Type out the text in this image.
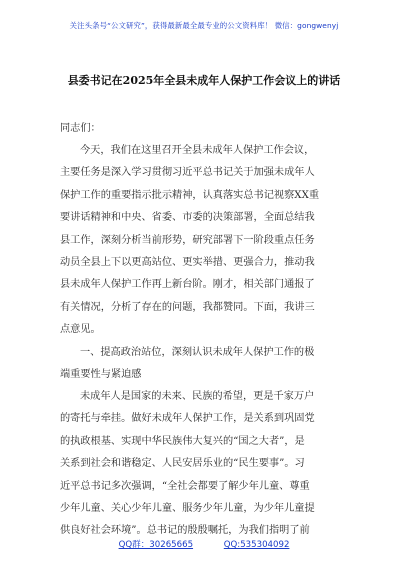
关注头条号“公文研究”，获得最新最全最专业的公文资料库！ 微信：gongwenyj
县委书记在2025年全县未成年人保护工作会议上的讲话
同志们：
今天，我们在这里召开全县未成年人保护工作会议，
主要任务是深入学习贯彻习近平总书记关于加强未成年人
保护工作的重要指示批示精神，认真落实总书记视察XX重
要讲话精神和中央、省委、市委的决策部署，全面总结我
县工作，深刻分析当前形势，研究部署下一阶段重点任务
动员全县上下以更高站位、更实举措、更强合力，推动我
县未成年人保护工作再上新台阶。刚才，相关部门通报了
有关情况，分析了存在的问题，我都赞同。下面，我讲三
点意见。
一、提高政治站位，深刻认识未成年人保护工作的极
端重要性与紧迫感
未成年人是国家的未来、民族的希望，更是千家万户
的寄托与牵挂。做好未成年人保护工作，是关系到巩固党
的执政根基、实现中华民族伟大复兴的“国之大者”，是
关系到社会和谐稳定、人民安居乐业的“民生要事”。习
近平总书记多次强调，“全社会都要了解少年儿童、尊重
少年儿童、关心少年儿童、服务少年儿童，为少年儿童提
供良好社会环境”。总书记的殷殷嘱托，为我们指明了前
QQ群：30265665	QQ:535304092
